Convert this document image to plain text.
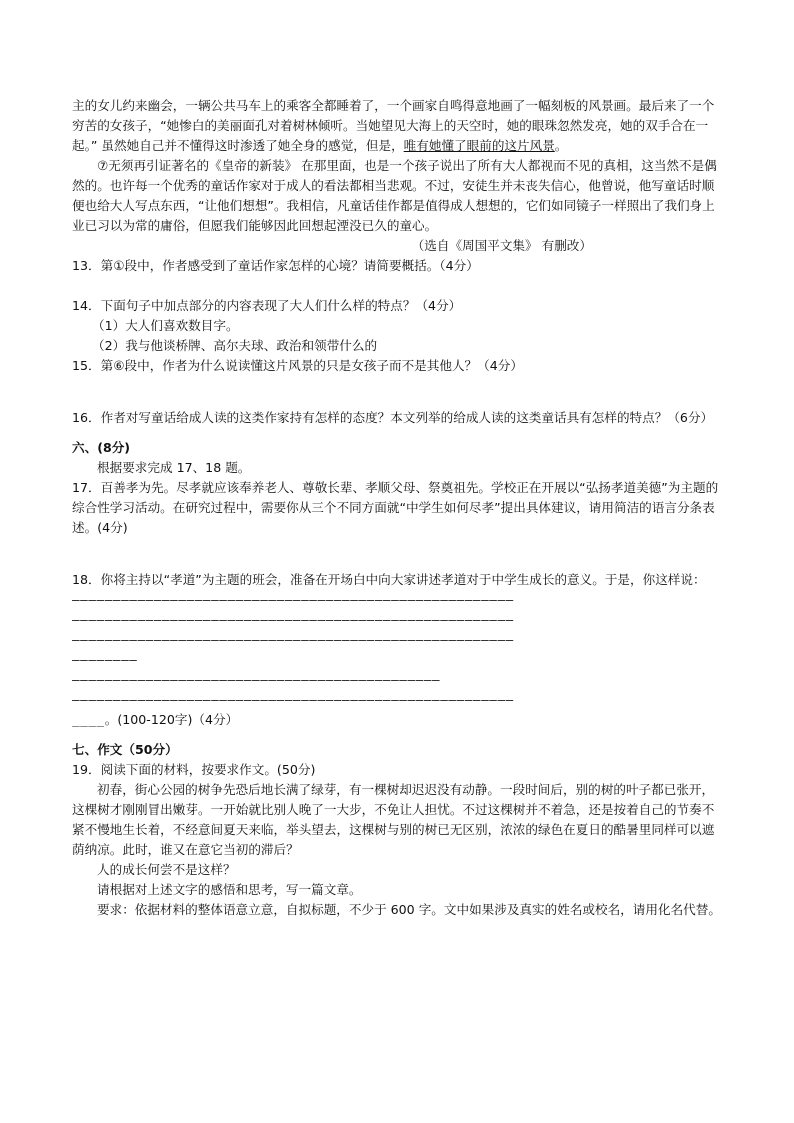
主的女儿约来幽会，一辆公共马车上的乘客全都睡着了，一个画家自鸣得意地画了一幅刻板的风景画。最后来了一个穷苦的女孩子，“她惨白的美丽面孔对着树林倾听。当她望见大海上的天空时，她的眼珠忽然发亮，她的双手合在一起。” 虽然她自己并不懂得这时渗透了她全身的感觉，但是，唯有她懂了眼前的这片风景。

⑦无须再引证著名的《皇帝的新装》 在那里面，也是一个孩子说出了所有大人都视而不见的真相，这当然不是偶然的。也许每一个优秀的童话作家对于成人的看法都相当悲观。不过，安徒生并未丧失信心，他曾说，他写童话时顺便也给大人写点东西，“让他们想想”。我相信，凡童话佳作都是值得成人想想的，它们如同镜子一样照出了我们身上业已习以为常的庸俗，但愿我们能够因此回想起湮没已久的童心。

（选自《周国平文集》 有删改）

13．第①段中，作者感受到了童话作家怎样的心境？请简要概括。（4分）

14．下面句子中加点部分的内容表现了大人们什么样的特点？（4分）

（1）大人们喜欢数目字。

（2）我与他谈桥牌、高尔夫球、政治和领带什么的

15．第⑥段中，作者为什么说读懂这片风景的只是女孩子而不是其他人？（4分）

16．作者对写童话给成人读的这类作家持有怎样的态度？本文列举的给成人读的这类童话具有怎样的特点？（6分）

六、(8分)

根据要求完成 17、18 题。

17．百善孝为先。尽孝就应该奉养老人、尊敬长辈、孝顺父母、祭奠祖先。学校正在开展以“弘扬孝道美德”为主题的综合性学习活动。在研究过程中，需要你从三个不同方面就“中学生如何尽孝”提出具体建议，请用简洁的语言分条表述。(4分)

18．你将主持以“孝道”为主题的班会，准备在开场白中向大家讲述孝道对于中学生成长的意义。于是，你这样说：

——————————————————————————————————————————————————————

——————————————————————————————————————————————————————

——————————————————————————————————————————————————————

————————

—————————————————————————————————————————————

——————————————————————————————————————————————————————

____。(100-120字)（4分）

七、作文（50分）

19．阅读下面的材料，按要求作文。(50分)

初春，街心公园的树争先恐后地长满了绿芽，有一棵树却迟迟没有动静。一段时间后，别的树的叶子都已张开，这棵树才刚刚冒出嫩芽。一开始就比别人晚了一大步，不免让人担忧。不过这棵树并不着急，还是按着自己的节奏不紧不慢地生长着，不经意间夏天来临，举头望去，这棵树与别的树已无区别，浓浓的绿色在夏日的酷暑里同样可以遮荫纳凉。此时，谁又在意它当初的滞后？

人的成长何尝不是这样？

请根据对上述文字的感悟和思考，写一篇文章。

要求：依据材料的整体语意立意，自拟标题，不少于 600 字。文中如果涉及真实的姓名或校名，请用化名代替。
